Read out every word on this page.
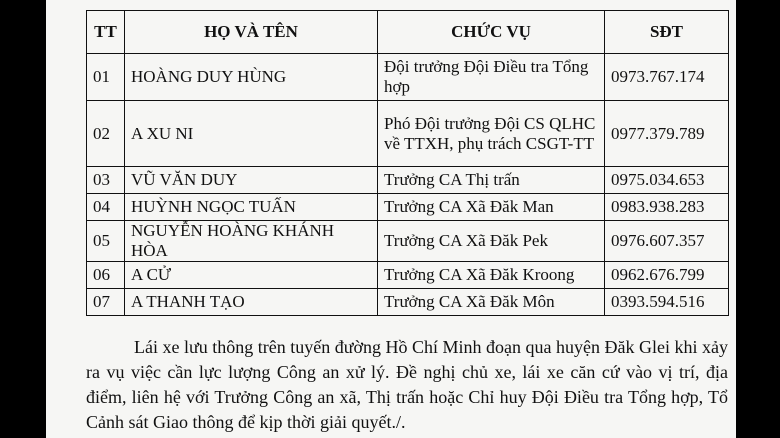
TT	HỌ VÀ TÊN	CHỨC VỤ	SĐT
01	HOÀNG DUY HÙNG	Đội trưởng Đội Điều tra Tổng hợp	0973.767.174
02	A XU NI	Phó Đội trưởng Đội CS QLHC về TTXH, phụ trách CSGT-TT	0977.379.789
03	VŨ VĂN DUY	Trưởng CA Thị trấn	0975.034.653
04	HUỲNH NGỌC TUẤN	Trưởng CA Xã Đăk Man	0983.938.283
05	NGUYỄN HOÀNG KHÁNH HÒA	Trưởng CA Xã Đăk Pek	0976.607.357
06	A CỬ	Trưởng CA Xã Đăk Kroong	0962.676.799
07	A THANH TẠO	Trưởng CA Xã Đăk Môn	0393.594.516

Lái xe lưu thông trên tuyến đường Hồ Chí Minh đoạn qua huyện Đăk Glei khi xảy ra vụ việc cần lực lượng Công an xử lý. Đề nghị chủ xe, lái xe căn cứ vào vị trí, địa điểm, liên hệ với Trưởng Công an xã, Thị trấn hoặc Chỉ huy Đội Điều tra Tổng hợp, Tổ Cảnh sát Giao thông để kịp thời giải quyết./.
